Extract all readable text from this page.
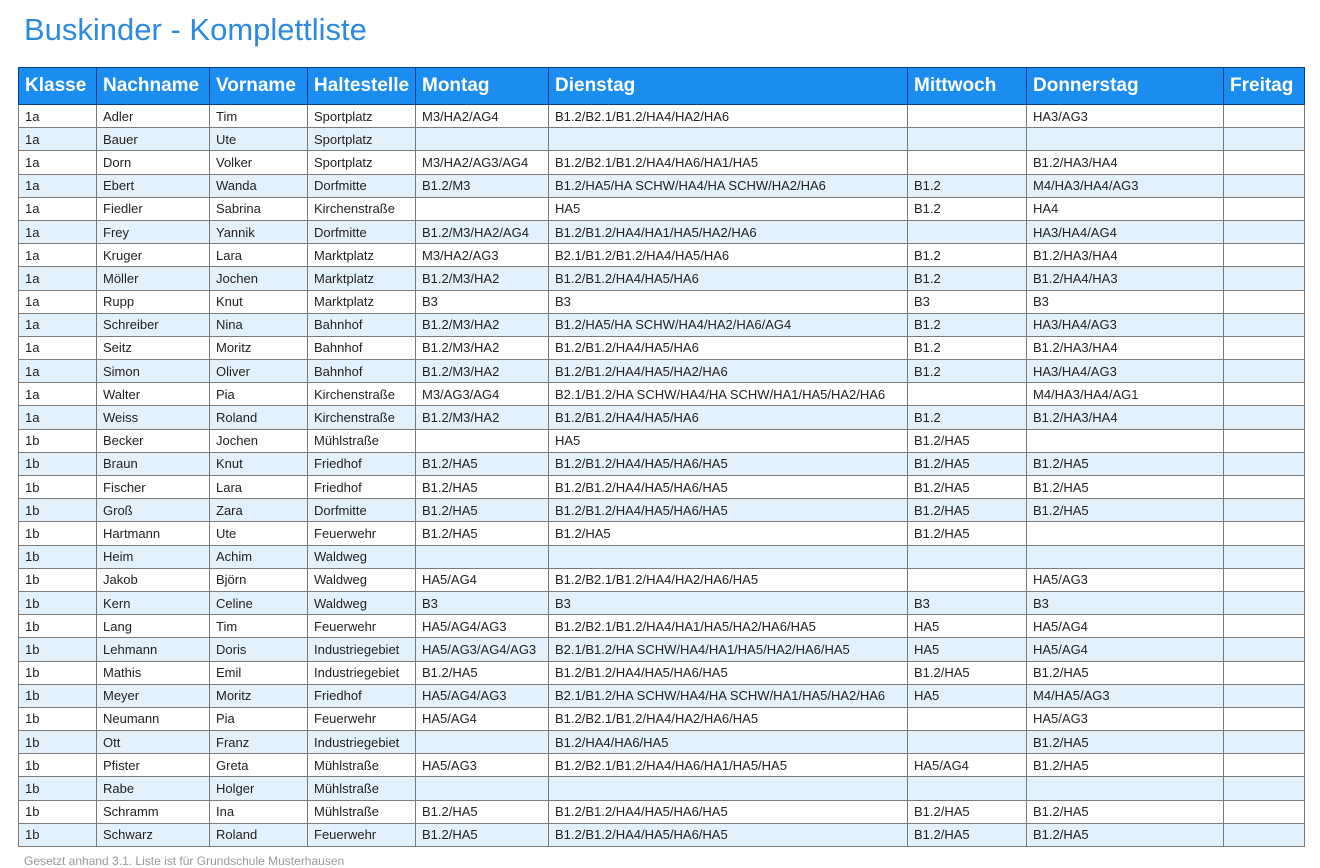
Buskinder - Komplettliste
Klasse	Nachname	Vorname	Haltestelle	Montag	Dienstag	Mittwoch	Donnerstag	Freitag
1a	Adler	Tim	Sportplatz	M3/HA2/AG4	B1.2/B2.1/B1.2/HA4/HA2/HA6		HA3/AG3	
1a	Bauer	Ute	Sportplatz					
1a	Dorn	Volker	Sportplatz	M3/HA2/AG3/AG4	B1.2/B2.1/B1.2/HA4/HA6/HA1/HA5		B1.2/HA3/HA4	
1a	Ebert	Wanda	Dorfmitte	B1.2/M3	B1.2/HA5/HA SCHW/HA4/HA SCHW/HA2/HA6	B1.2	M4/HA3/HA4/AG3	
1a	Fiedler	Sabrina	Kirchenstraße		HA5	B1.2	HA4	
1a	Frey	Yannik	Dorfmitte	B1.2/M3/HA2/AG4	B1.2/B1.2/HA4/HA1/HA5/HA2/HA6		HA3/HA4/AG4	
1a	Kruger	Lara	Marktplatz	M3/HA2/AG3	B2.1/B1.2/B1.2/HA4/HA5/HA6	B1.2	B1.2/HA3/HA4	
1a	Möller	Jochen	Marktplatz	B1.2/M3/HA2	B1.2/B1.2/HA4/HA5/HA6	B1.2	B1.2/HA4/HA3	
1a	Rupp	Knut	Marktplatz	B3	B3	B3	B3	
1a	Schreiber	Nina	Bahnhof	B1.2/M3/HA2	B1.2/HA5/HA SCHW/HA4/HA2/HA6/AG4	B1.2	HA3/HA4/AG3	
1a	Seitz	Moritz	Bahnhof	B1.2/M3/HA2	B1.2/B1.2/HA4/HA5/HA6	B1.2	B1.2/HA3/HA4	
1a	Simon	Oliver	Bahnhof	B1.2/M3/HA2	B1.2/B1.2/HA4/HA5/HA2/HA6	B1.2	HA3/HA4/AG3	
1a	Walter	Pia	Kirchenstraße	M3/AG3/AG4	B2.1/B1.2/HA SCHW/HA4/HA SCHW/HA1/HA5/HA2/HA6		M4/HA3/HA4/AG1	
1a	Weiss	Roland	Kirchenstraße	B1.2/M3/HA2	B1.2/B1.2/HA4/HA5/HA6	B1.2	B1.2/HA3/HA4	
1b	Becker	Jochen	Mühlstraße		HA5	B1.2/HA5		
1b	Braun	Knut	Friedhof	B1.2/HA5	B1.2/B1.2/HA4/HA5/HA6/HA5	B1.2/HA5	B1.2/HA5	
1b	Fischer	Lara	Friedhof	B1.2/HA5	B1.2/B1.2/HA4/HA5/HA6/HA5	B1.2/HA5	B1.2/HA5	
1b	Groß	Zara	Dorfmitte	B1.2/HA5	B1.2/B1.2/HA4/HA5/HA6/HA5	B1.2/HA5	B1.2/HA5	
1b	Hartmann	Ute	Feuerwehr	B1.2/HA5	B1.2/HA5	B1.2/HA5		
1b	Heim	Achim	Waldweg					
1b	Jakob	Björn	Waldweg	HA5/AG4	B1.2/B2.1/B1.2/HA4/HA2/HA6/HA5		HA5/AG3	
1b	Kern	Celine	Waldweg	B3	B3	B3	B3	
1b	Lang	Tim	Feuerwehr	HA5/AG4/AG3	B1.2/B2.1/B1.2/HA4/HA1/HA5/HA2/HA6/HA5	HA5	HA5/AG4	
1b	Lehmann	Doris	Industriegebiet	HA5/AG3/AG4/AG3	B2.1/B1.2/HA SCHW/HA4/HA1/HA5/HA2/HA6/HA5	HA5	HA5/AG4	
1b	Mathis	Emil	Industriegebiet	B1.2/HA5	B1.2/B1.2/HA4/HA5/HA6/HA5	B1.2/HA5	B1.2/HA5	
1b	Meyer	Moritz	Friedhof	HA5/AG4/AG3	B2.1/B1.2/HA SCHW/HA4/HA SCHW/HA1/HA5/HA2/HA6	HA5	M4/HA5/AG3	
1b	Neumann	Pia	Feuerwehr	HA5/AG4	B1.2/B2.1/B1.2/HA4/HA2/HA6/HA5		HA5/AG3	
1b	Ott	Franz	Industriegebiet		B1.2/HA4/HA6/HA5		B1.2/HA5	
1b	Pfister	Greta	Mühlstraße	HA5/AG3	B1.2/B2.1/B1.2/HA4/HA6/HA1/HA5/HA5	HA5/AG4	B1.2/HA5	
1b	Rabe	Holger	Mühlstraße					
1b	Schramm	Ina	Mühlstraße	B1.2/HA5	B1.2/B1.2/HA4/HA5/HA6/HA5	B1.2/HA5	B1.2/HA5	
1b	Schwarz	Roland	Feuerwehr	B1.2/HA5	B1.2/B1.2/HA4/HA5/HA6/HA5	B1.2/HA5	B1.2/HA5	
Gesetzt anhand 3.1. Liste ist für Grundschule Musterhausen
